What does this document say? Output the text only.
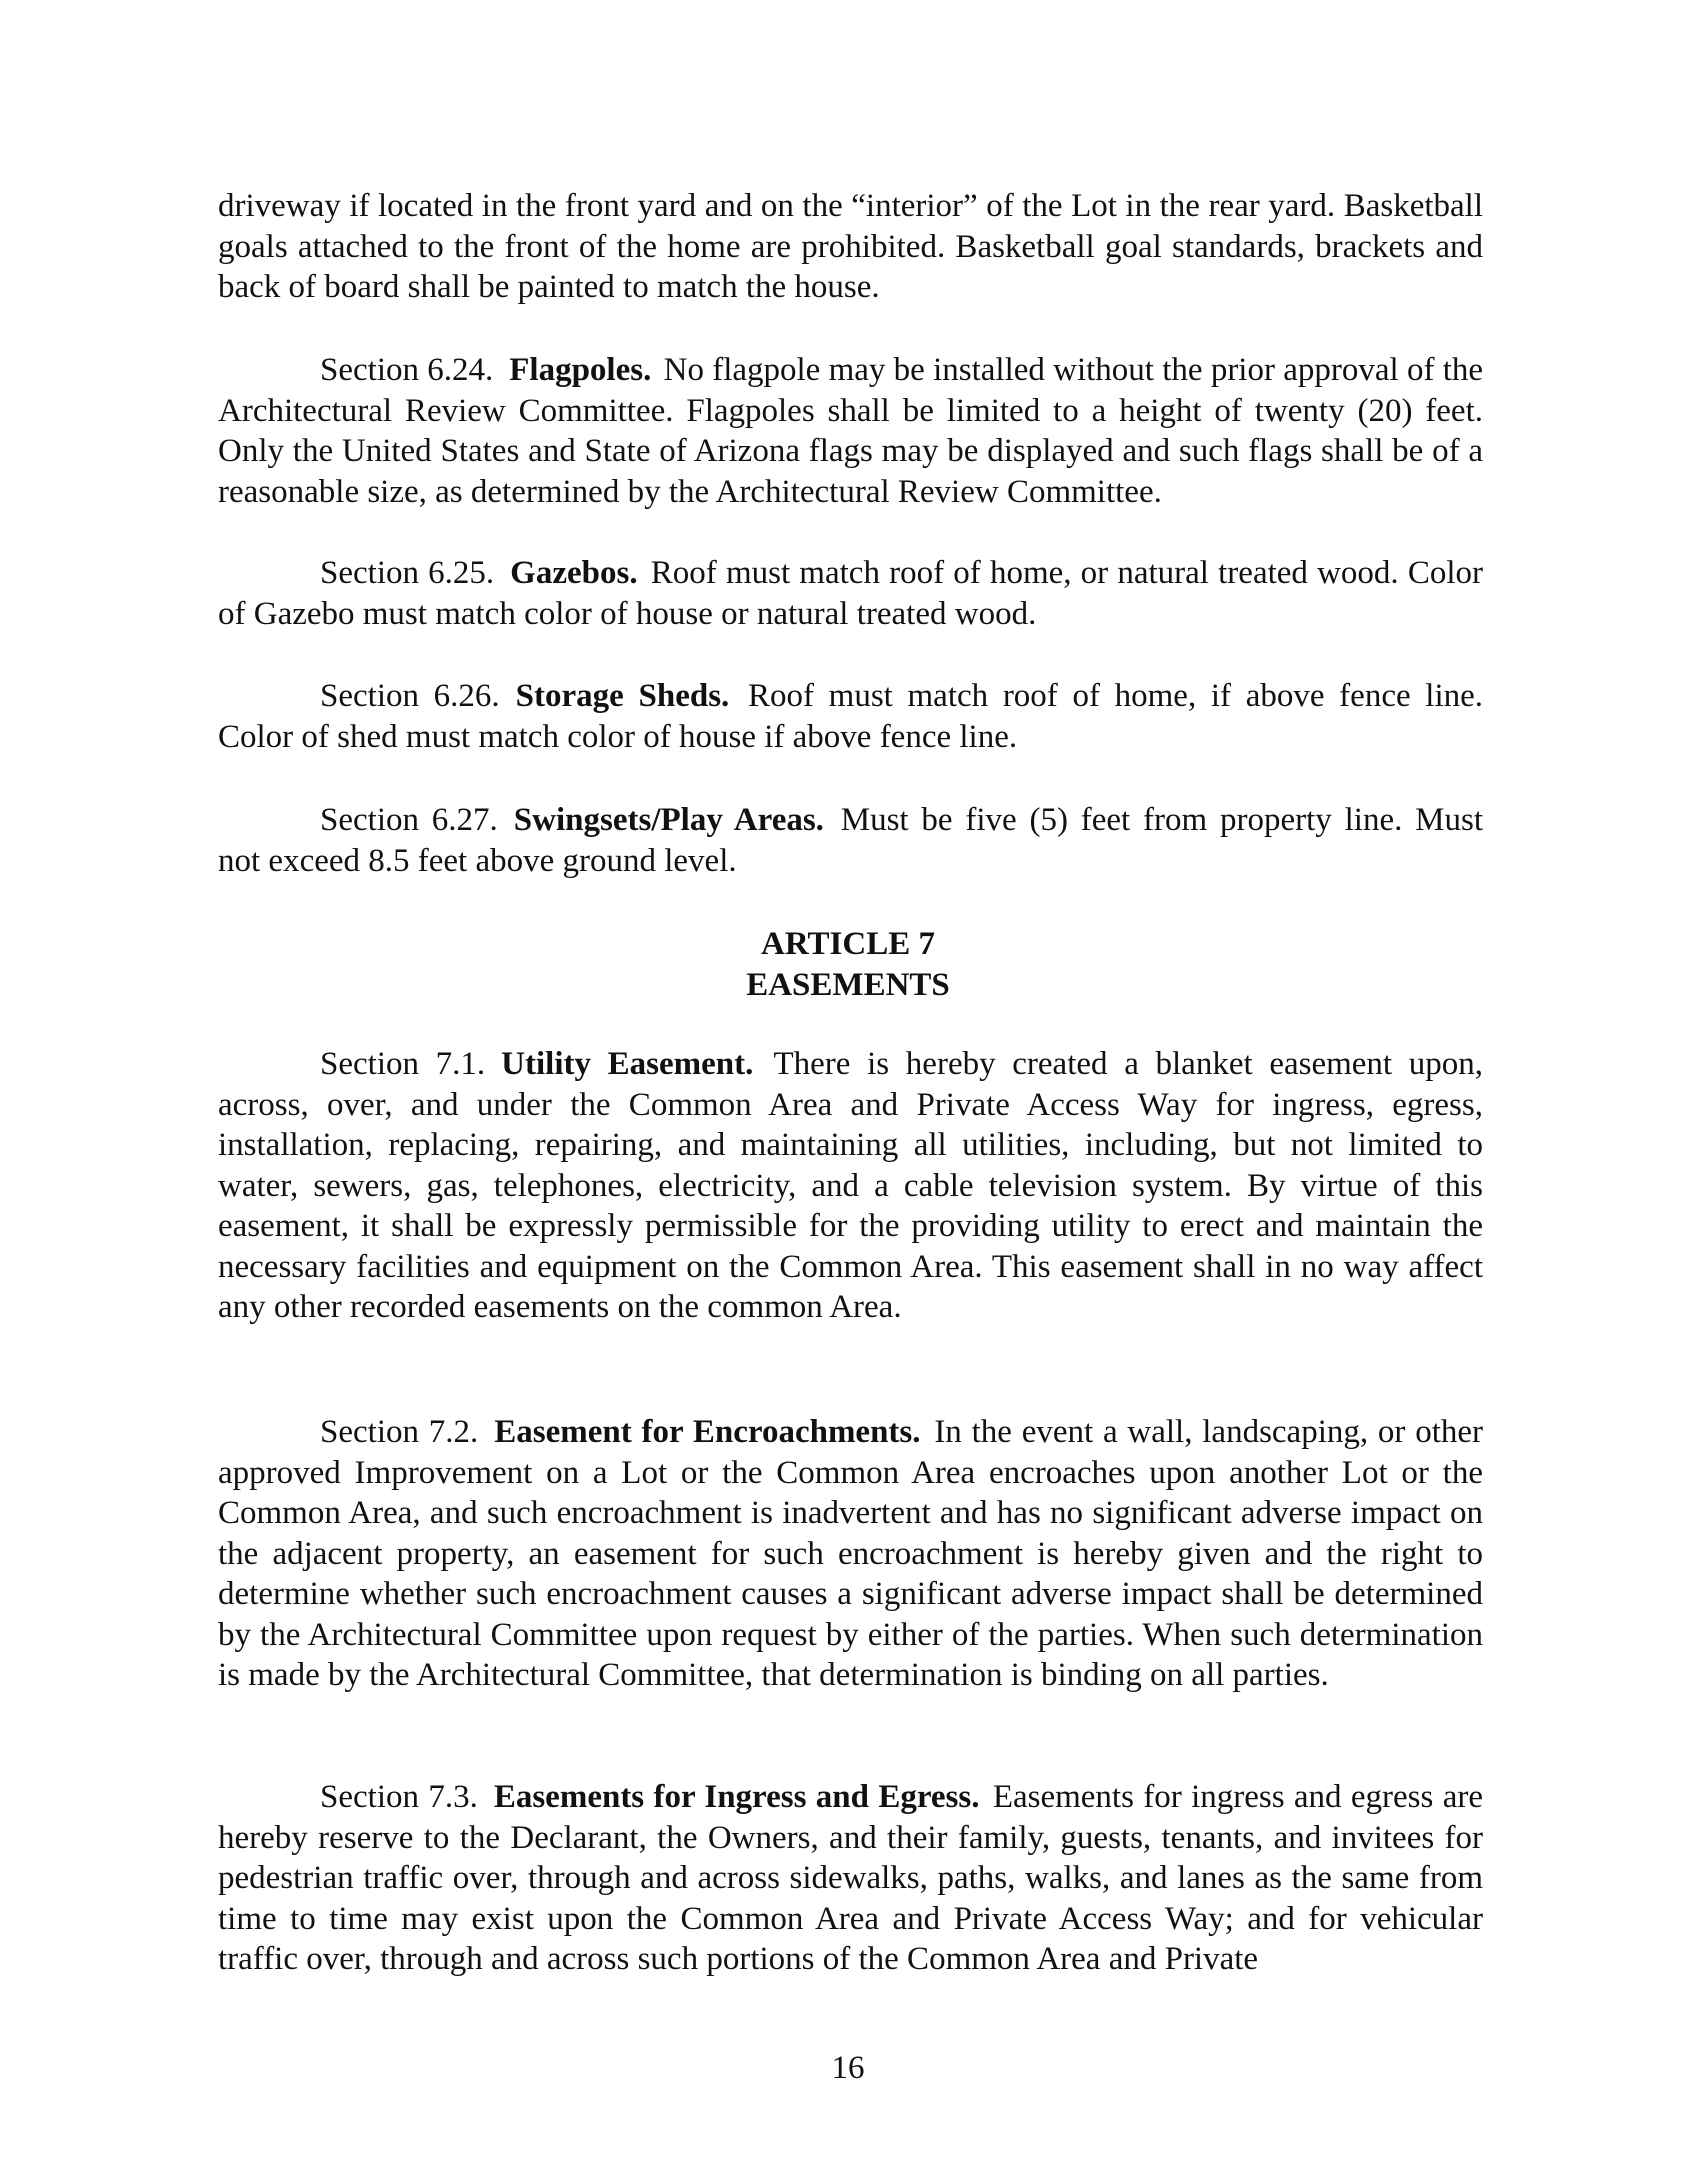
driveway if located in the front yard and on the “interior” of the Lot in the rear yard. Basketball goals attached to the front of the home are prohibited. Basketball goal standards, brackets and back of board shall be painted to match the house.

Section 6.24. Flagpoles. No flagpole may be installed without the prior approval of the Architectural Review Committee. Flagpoles shall be limited to a height of twenty (20) feet. Only the United States and State of Arizona flags may be displayed and such flags shall be of a reasonable size, as determined by the Architectural Review Committee.

Section 6.25. Gazebos. Roof must match roof of home, or natural treated wood. Color of Gazebo must match color of house or natural treated wood.

Section 6.26. Storage Sheds. Roof must match roof of home, if above fence line. Color of shed must match color of house if above fence line.

Section 6.27. Swingsets/Play Areas. Must be five (5) feet from property line. Must not exceed 8.5 feet above ground level.

ARTICLE 7
EASEMENTS

Section 7.1. Utility Easement. There is hereby created a blanket easement upon, across, over, and under the Common Area and Private Access Way for ingress, egress, installation, replacing, repairing, and maintaining all utilities, including, but not limited to water, sewers, gas, telephones, electricity, and a cable television system. By virtue of this easement, it shall be expressly permissible for the providing utility to erect and maintain the necessary facilities and equipment on the Common Area. This easement shall in no way affect any other recorded easements on the common Area.

Section 7.2. Easement for Encroachments. In the event a wall, landscaping, or other approved Improvement on a Lot or the Common Area encroaches upon another Lot or the Common Area, and such encroachment is inadvertent and has no significant adverse impact on the adjacent property, an easement for such encroachment is hereby given and the right to determine whether such encroachment causes a significant adverse impact shall be determined by the Architectural Committee upon request by either of the parties. When such determination is made by the Architectural Committee, that determination is binding on all parties.

Section 7.3. Easements for Ingress and Egress. Easements for ingress and egress are hereby reserve to the Declarant, the Owners, and their family, guests, tenants, and invitees for pedestrian traffic over, through and across sidewalks, paths, walks, and lanes as the same from time to time may exist upon the Common Area and Private Access Way; and for vehicular traffic over, through and across such portions of the Common Area and Private

16
